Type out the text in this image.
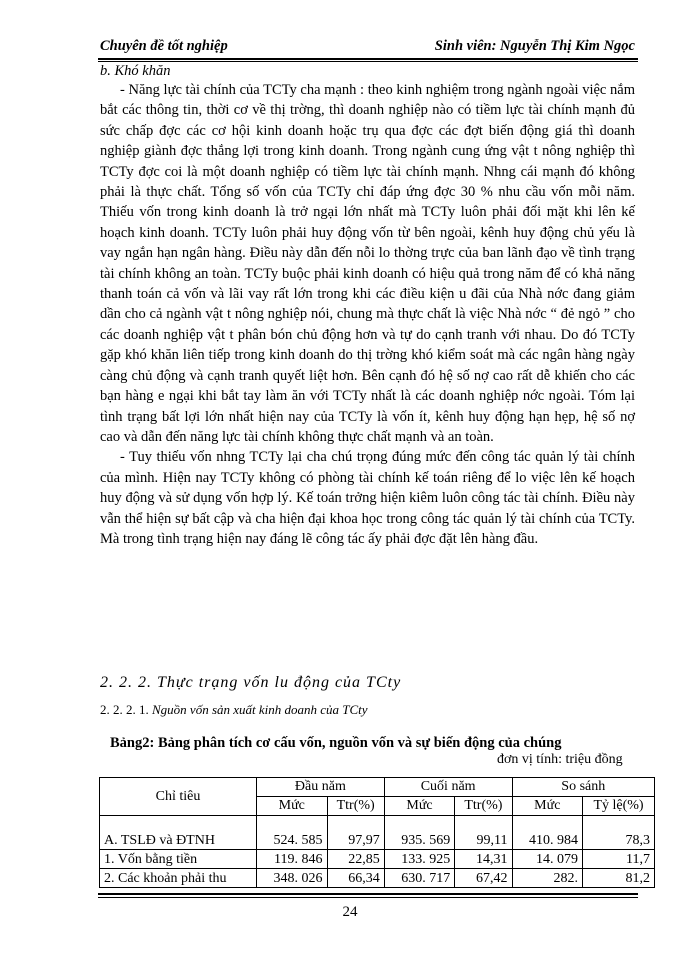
Chuyên đề tốt nghiệp	Sinh viên: Nguyễn Thị Kim Ngọc
b. Khó khăn

- Năng lực tài chính của TCTy cha mạnh : theo kinh nghiệm trong ngành ngoài việc nắm bắt các thông tin, thời cơ về thị trờng, thì doanh nghiệp nào có tiềm lực tài chính mạnh đủ sức chấp đợc các cơ hội kinh doanh hoặc trụ qua đợc các đợt biến động giá thì doanh nghiệp giành đợc thắng lợi trong kinh doanh. Trong ngành cung ứng vật t nông nghiệp thì TCTy đợc coi là một doanh nghiệp có tiềm lực tài chính mạnh. Nhng cái mạnh đó không phải là thực chất. Tổng số vốn của TCTy chỉ đáp ứng đợc 30 % nhu cầu vốn mỗi năm. Thiếu vốn trong kinh doanh là trở ngại lớn nhất mà TCTy luôn phải đối mặt khi lên kế hoạch kinh doanh. TCTy luôn phải huy động vốn từ bên ngoài, kênh huy động chủ yếu là vay ngắn hạn ngân hàng. Điều này dẫn đến nỗi lo thờng trực của ban lãnh đạo về tình trạng tài chính không an toàn. TCTy buộc phải kinh doanh có hiệu quả trong năm để có khả năng thanh toán cả vốn và lãi vay rất lớn trong khi các điều kiện u đãi của Nhà nớc đang giảm dần cho cả ngành vật t nông nghiệp nói, chung mà thực chất là việc Nhà nớc “ đẻ ngỏ ” cho các doanh nghiệp vật t phân bón chủ động hơn và tự do cạnh tranh với nhau. Do đó TCTy gặp khó khăn liên tiếp trong kinh doanh do thị trờng khó kiểm soát mà các ngân hàng ngày càng chủ động và cạnh tranh quyết liệt hơn. Bên cạnh đó hệ số nợ cao rất dễ khiến cho các bạn hàng e ngại khi bắt tay làm ăn với TCTy nhất là các doanh nghiệp nớc ngoài. Tóm lại tình trạng bất lợi lớn nhất hiện nay của TCTy là vốn ít, kênh huy động hạn hẹp, hệ số nợ cao và dẫn đến năng lực tài chính không thực chất mạnh và an toàn.

- Tuy thiếu vốn nhng TCTy lại cha chú trọng đúng mức đến công tác quản lý tài chính của mình. Hiện nay TCTy không có phòng tài chính kế toán riêng để lo việc lên kế hoạch huy động và sử dụng vốn hợp lý. Kế toán trởng hiện kiêm luôn công tác tài chính. Điều này vẫn thể hiện sự bất cập và cha hiện đại khoa học trong công tác quản lý tài chính của TCTy. Mà trong tình trạng hiện nay đáng lẽ công tác ấy phải đợc đặt lên hàng đầu.

2. 2. 2. Thực trạng vốn lu động của TCty
2. 2. 2. 1. Nguồn vốn sản xuất kinh doanh của TCty
Bảng2: Bảng phân tích cơ cấu vốn, nguồn vốn và sự biến động của chúng
đơn vị tính: triệu đồng
Chỉ tiêu	Đầu năm		Cuối năm		So sánh	
	Mức	Ttr(%)	Mức	Ttr(%)	Mức	Tỷ lệ(%)
A. TSLĐ và ĐTNH	524. 585	97,97	935. 569	99,11	410. 984	78,3
1. Vốn bằng tiền	119. 846	22,85	133. 925	14,31	14. 079	11,7
2. Các khoản phải thu	348. 026	66,34	630. 717	67,42	282.	81,2
24
